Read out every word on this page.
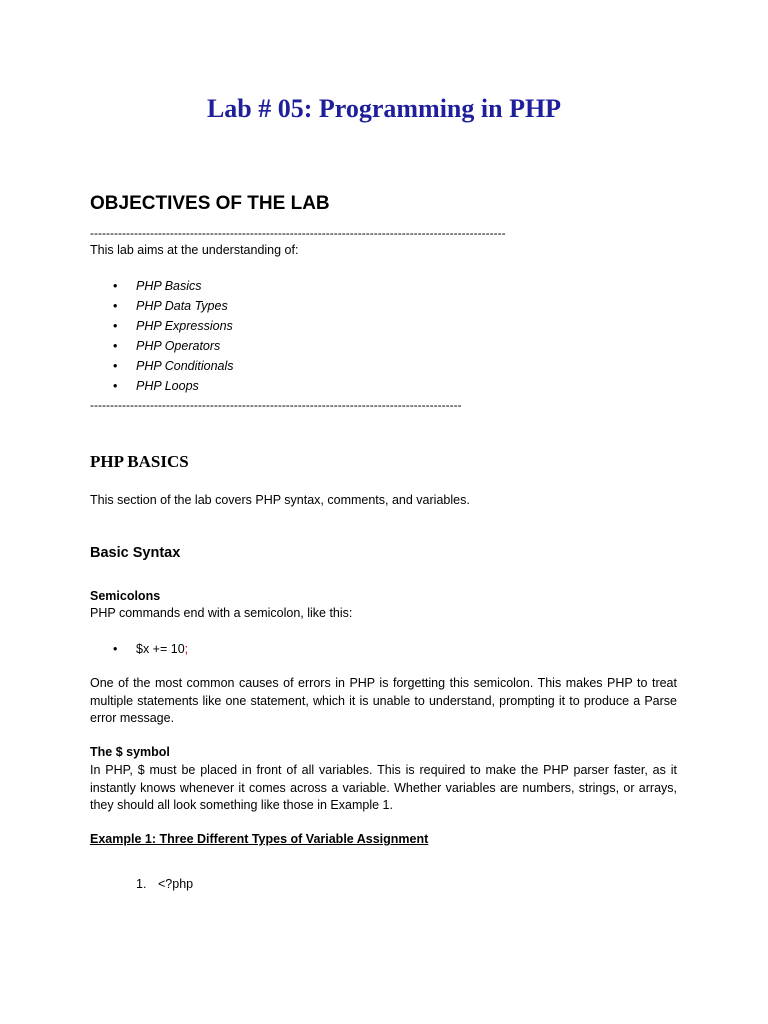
Lab # 05: Programming in PHP
OBJECTIVES OF THE LAB
--------------------------------------------------------------------------------------------------------
This lab aims at the understanding of:
• PHP Basics
• PHP Data Types
• PHP Expressions
• PHP Operators
• PHP Conditionals
• PHP Loops
---------------------------------------------------------------------------------------------
PHP BASICS
This section of the lab covers PHP syntax, comments, and variables.
Basic Syntax
Semicolons
PHP commands end with a semicolon, like this:
• $x += 10;
One of the most common causes of errors in PHP is forgetting this semicolon. This makes PHP to treat multiple statements like one statement, which it is unable to understand, prompting it to produce a Parse error message.
The $ symbol
In PHP, $ must be placed in front of all variables. This is required to make the PHP parser faster, as it instantly knows whenever it comes across a variable. Whether variables are numbers, strings, or arrays, they should all look something like those in Example 1.
Example 1: Three Different Types of Variable Assignment
1. <?php
